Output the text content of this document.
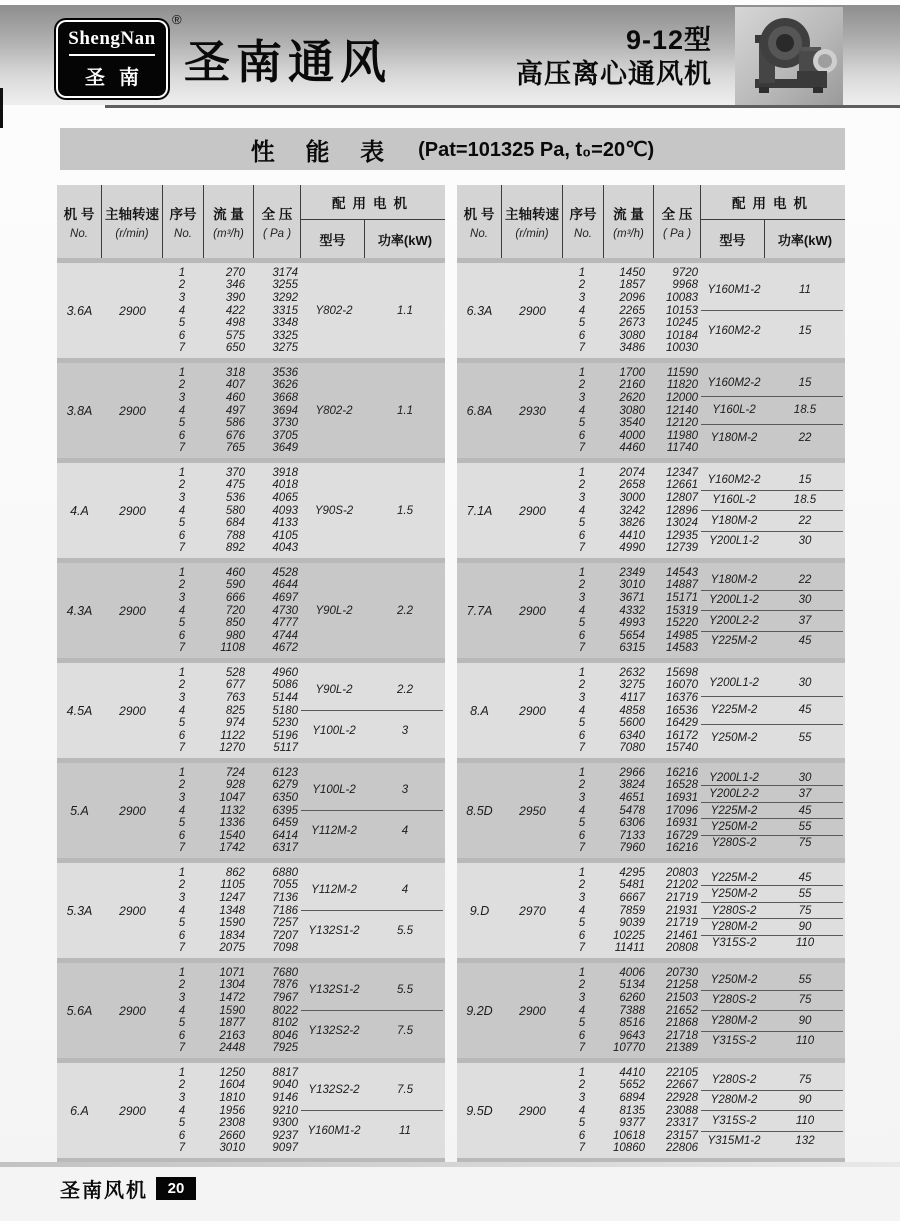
ShengNan
圣南
®
圣南通风	9-12型
高压离心通风机
性 能 表 (Pat=101325 Pa, t₀=20℃)
机 号
No.
主轴转速
(r/min)
序号
No.
流 量
(m³/h)
全 压
( Pa )
配用电机
型号	功率(kW)
3.6A	2900
1	270	3174
2	346	3255
3	390	3292
4	422	3315
5	498	3348
6	575	3325
7	650	3275
Y802-2	1.1
3.8A	2900
1	318	3536
2	407	3626
3	460	3668
4	497	3694
5	586	3730
6	676	3705
7	765	3649
Y802-2	1.1
4.A	2900
1	370	3918
2	475	4018
3	536	4065
4	580	4093
5	684	4133
6	788	4105
7	892	4043
Y90S-2	1.5
4.3A	2900
1	460	4528
2	590	4644
3	666	4697
4	720	4730
5	850	4777
6	980	4744
7	1108	4672
Y90L-2	2.2
4.5A	2900
1	528	4960
2	677	5086
3	763	5144
4	825	5180
5	974	5230
6	1122	5196
7	1270	5117
Y90L-2	2.2
Y100L-2	3
5.A	2900
1	724	6123
2	928	6279
3	1047	6350
4	1132	6395
5	1336	6459
6	1540	6414
7	1742	6317
Y100L-2	3
Y112M-2	4
5.3A	2900
1	862	6880
2	1105	7055
3	1247	7136
4	1348	7186
5	1590	7257
6	1834	7207
7	2075	7098
Y112M-2	4
Y132S1-2	5.5
5.6A	2900
1	1071	7680
2	1304	7876
3	1472	7967
4	1590	8022
5	1877	8102
6	2163	8046
7	2448	7925
Y132S1-2	5.5
Y132S2-2	7.5
6.A	2900
1	1250	8817
2	1604	9040
3	1810	9146
4	1956	9210
5	2308	9300
6	2660	9237
7	3010	9097
Y132S2-2	7.5
Y160M1-2	11
机 号
No.
主轴转速
(r/min)
序号
No.
流 量
(m³/h)
全 压
( Pa )
配用电机
型号	功率(kW)
6.3A	2900
1	1450	9720
2	1857	9968
3	2096	10083
4	2265	10153
5	2673	10245
6	3080	10184
7	3486	10030
Y160M1-2	11
Y160M2-2	15
6.8A	2930
1	1700	11590
2	2160	11820
3	2620	12000
4	3080	12140
5	3540	12120
6	4000	11980
7	4460	11740
Y160M2-2	15
Y160L-2	18.5
Y180M-2	22
7.1A	2900
1	2074	12347
2	2658	12661
3	3000	12807
4	3242	12896
5	3826	13024
6	4410	12935
7	4990	12739
Y160M2-2	15
Y160L-2	18.5
Y180M-2	22
Y200L1-2	30
7.7A	2900
1	2349	14543
2	3010	14887
3	3671	15171
4	4332	15319
5	4993	15220
6	5654	14985
7	6315	14583
Y180M-2	22
Y200L1-2	30
Y200L2-2	37
Y225M-2	45
8.A	2900
1	2632	15698
2	3275	16070
3	4117	16376
4	4858	16536
5	5600	16429
6	6340	16172
7	7080	15740
Y200L1-2	30
Y225M-2	45
Y250M-2	55
8.5D	2950
1	2966	16216
2	3824	16528
3	4651	16931
4	5478	17096
5	6306	16931
6	7133	16729
7	7960	16216
Y200L1-2	30
Y200L2-2	37
Y225M-2	45
Y250M-2	55
Y280S-2	75
9.D	2970
1	4295	20803
2	5481	21202
3	6667	21719
4	7859	21931
5	9039	21719
6	10225	21461
7	11411	20808
Y225M-2	45
Y250M-2	55
Y280S-2	75
Y280M-2	90
Y315S-2	110
9.2D	2900
1	4006	20730
2	5134	21258
3	6260	21503
4	7388	21652
5	8516	21868
6	9643	21718
7	10770	21389
Y250M-2	55
Y280S-2	75
Y280M-2	90
Y315S-2	110
9.5D	2900
1	4410	22105
2	5652	22667
3	6894	22928
4	8135	23088
5	9377	23317
6	10618	23157
7	10860	22806
Y280S-2	75
Y280M-2	90
Y315S-2	110
Y315M1-2	132
圣南风机	20
